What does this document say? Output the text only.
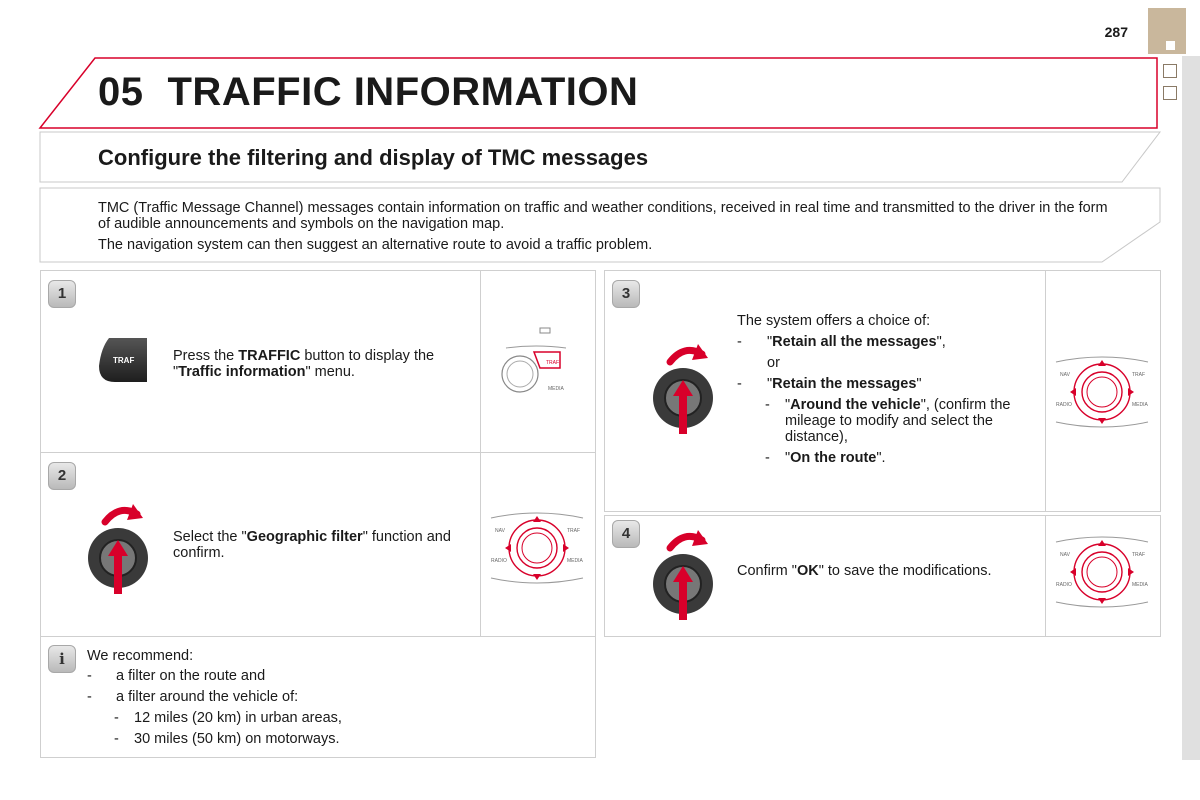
287
05 TRAFFIC INFORMATION
Configure the filtering and display of TMC messages

TMC (Traffic Message Channel) messages contain information on traffic and weather conditions, received in real time and transmitted to the driver in the form of audible announcements and symbols on the navigation map.

The navigation system can then suggest an alternative route to avoid a traffic problem.

1
2
3
4
TRAF	Press the TRAFFIC button to display the "Traffic information" menu.
TRAF
MEDIA
Select the "Geographic filter" function and confirm.
NAV	TRAF
RADIO	MEDIA
The system offers a choice of:
- "Retain all the messages",
or
- "Retain the messages"
- "Around the vehicle", (confirm the mileage to modify and select the distance),
- "On the route".
NAV	TRAF
RADIO	MEDIA
Confirm "OK" to save the modifications.
NAV	TRAF
RADIO	MEDIA
i	We recommend:
- a filter on the route and
- a filter around the vehicle of:
- 12 miles (20 km) in urban areas,
- 30 miles (50 km) on motorways.
